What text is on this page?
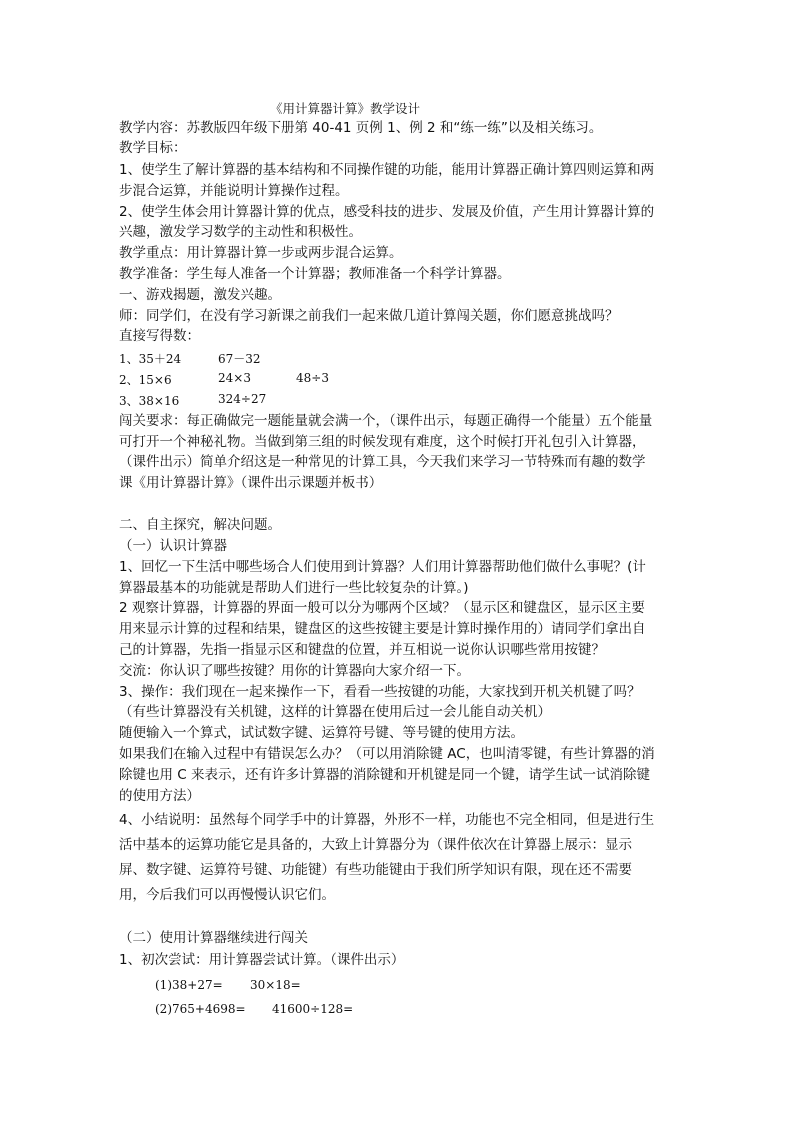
《用计算器计算》教学设计
教学内容：苏教版四年级下册第 40-41 页例 1、例 2 和“练一练”以及相关练习。
教学目标：
1、使学生了解计算器的基本结构和不同操作键的功能，能用计算器正确计算四则运算和两
步混合运算，并能说明计算操作过程。
2、使学生体会用计算器计算的优点，感受科技的进步、发展及价值，产生用计算器计算的
兴趣，激发学习数学的主动性和积极性。
教学重点：用计算器计算一步或两步混合运算。
教学准备：学生每人准备一个计算器；教师准备一个科学计算器。
一、游戏揭题，激发兴趣。
师：同学们，在没有学习新课之前我们一起来做几道计算闯关题，你们愿意挑战吗？
直接写得数：
1、35＋24	67－32
2、15×6	24×3	48÷3
3、38×16	324÷27
闯关要求：每正确做完一题能量就会满一个，（课件出示，每题正确得一个能量）五个能量
可打开一个神秘礼物。当做到第三组的时候发现有难度，这个时候打开礼包引入计算器，
（课件出示）简单介绍这是一种常见的计算工具，今天我们来学习一节特殊而有趣的数学
课《用计算器计算》（课件出示课题并板书）
二、自主探究，解决问题。
（一）认识计算器
1、回忆一下生活中哪些场合人们使用到计算器？人们用计算器帮助他们做什么事呢？(计
算器最基本的功能就是帮助人们进行一些比较复杂的计算。)
2 观察计算器，计算器的界面一般可以分为哪两个区域？（显示区和键盘区，显示区主要
用来显示计算的过程和结果，键盘区的这些按键主要是计算时操作用的）请同学们拿出自
己的计算器，先指一指显示区和键盘的位置，并互相说一说你认识哪些常用按键？
交流：你认识了哪些按键？用你的计算器向大家介绍一下。
3、操作：我们现在一起来操作一下，看看一些按键的功能，大家找到开机关机键了吗？
（有些计算器没有关机键，这样的计算器在使用后过一会儿能自动关机）
随便输入一个算式，试试数字键、运算符号键、等号键的使用方法。
如果我们在输入过程中有错误怎么办？（可以用消除键 AC，也叫清零键，有些计算器的消
除键也用 C 来表示，还有许多计算器的消除键和开机键是同一个键，请学生试一试消除键
的使用方法）
4、小结说明：虽然每个同学手中的计算器，外形不一样，功能也不完全相同，但是进行生
活中基本的运算功能它是具备的，大致上计算器分为（课件依次在计算器上展示：显示
屏、数字键、运算符号键、功能键）有些功能键由于我们所学知识有限，现在还不需要
用，今后我们可以再慢慢认识它们。
（二）使用计算器继续进行闯关
1、初次尝试：用计算器尝试计算。（课件出示）
(1)38+27= 30×18=
(2)765+4698= 41600÷128=
